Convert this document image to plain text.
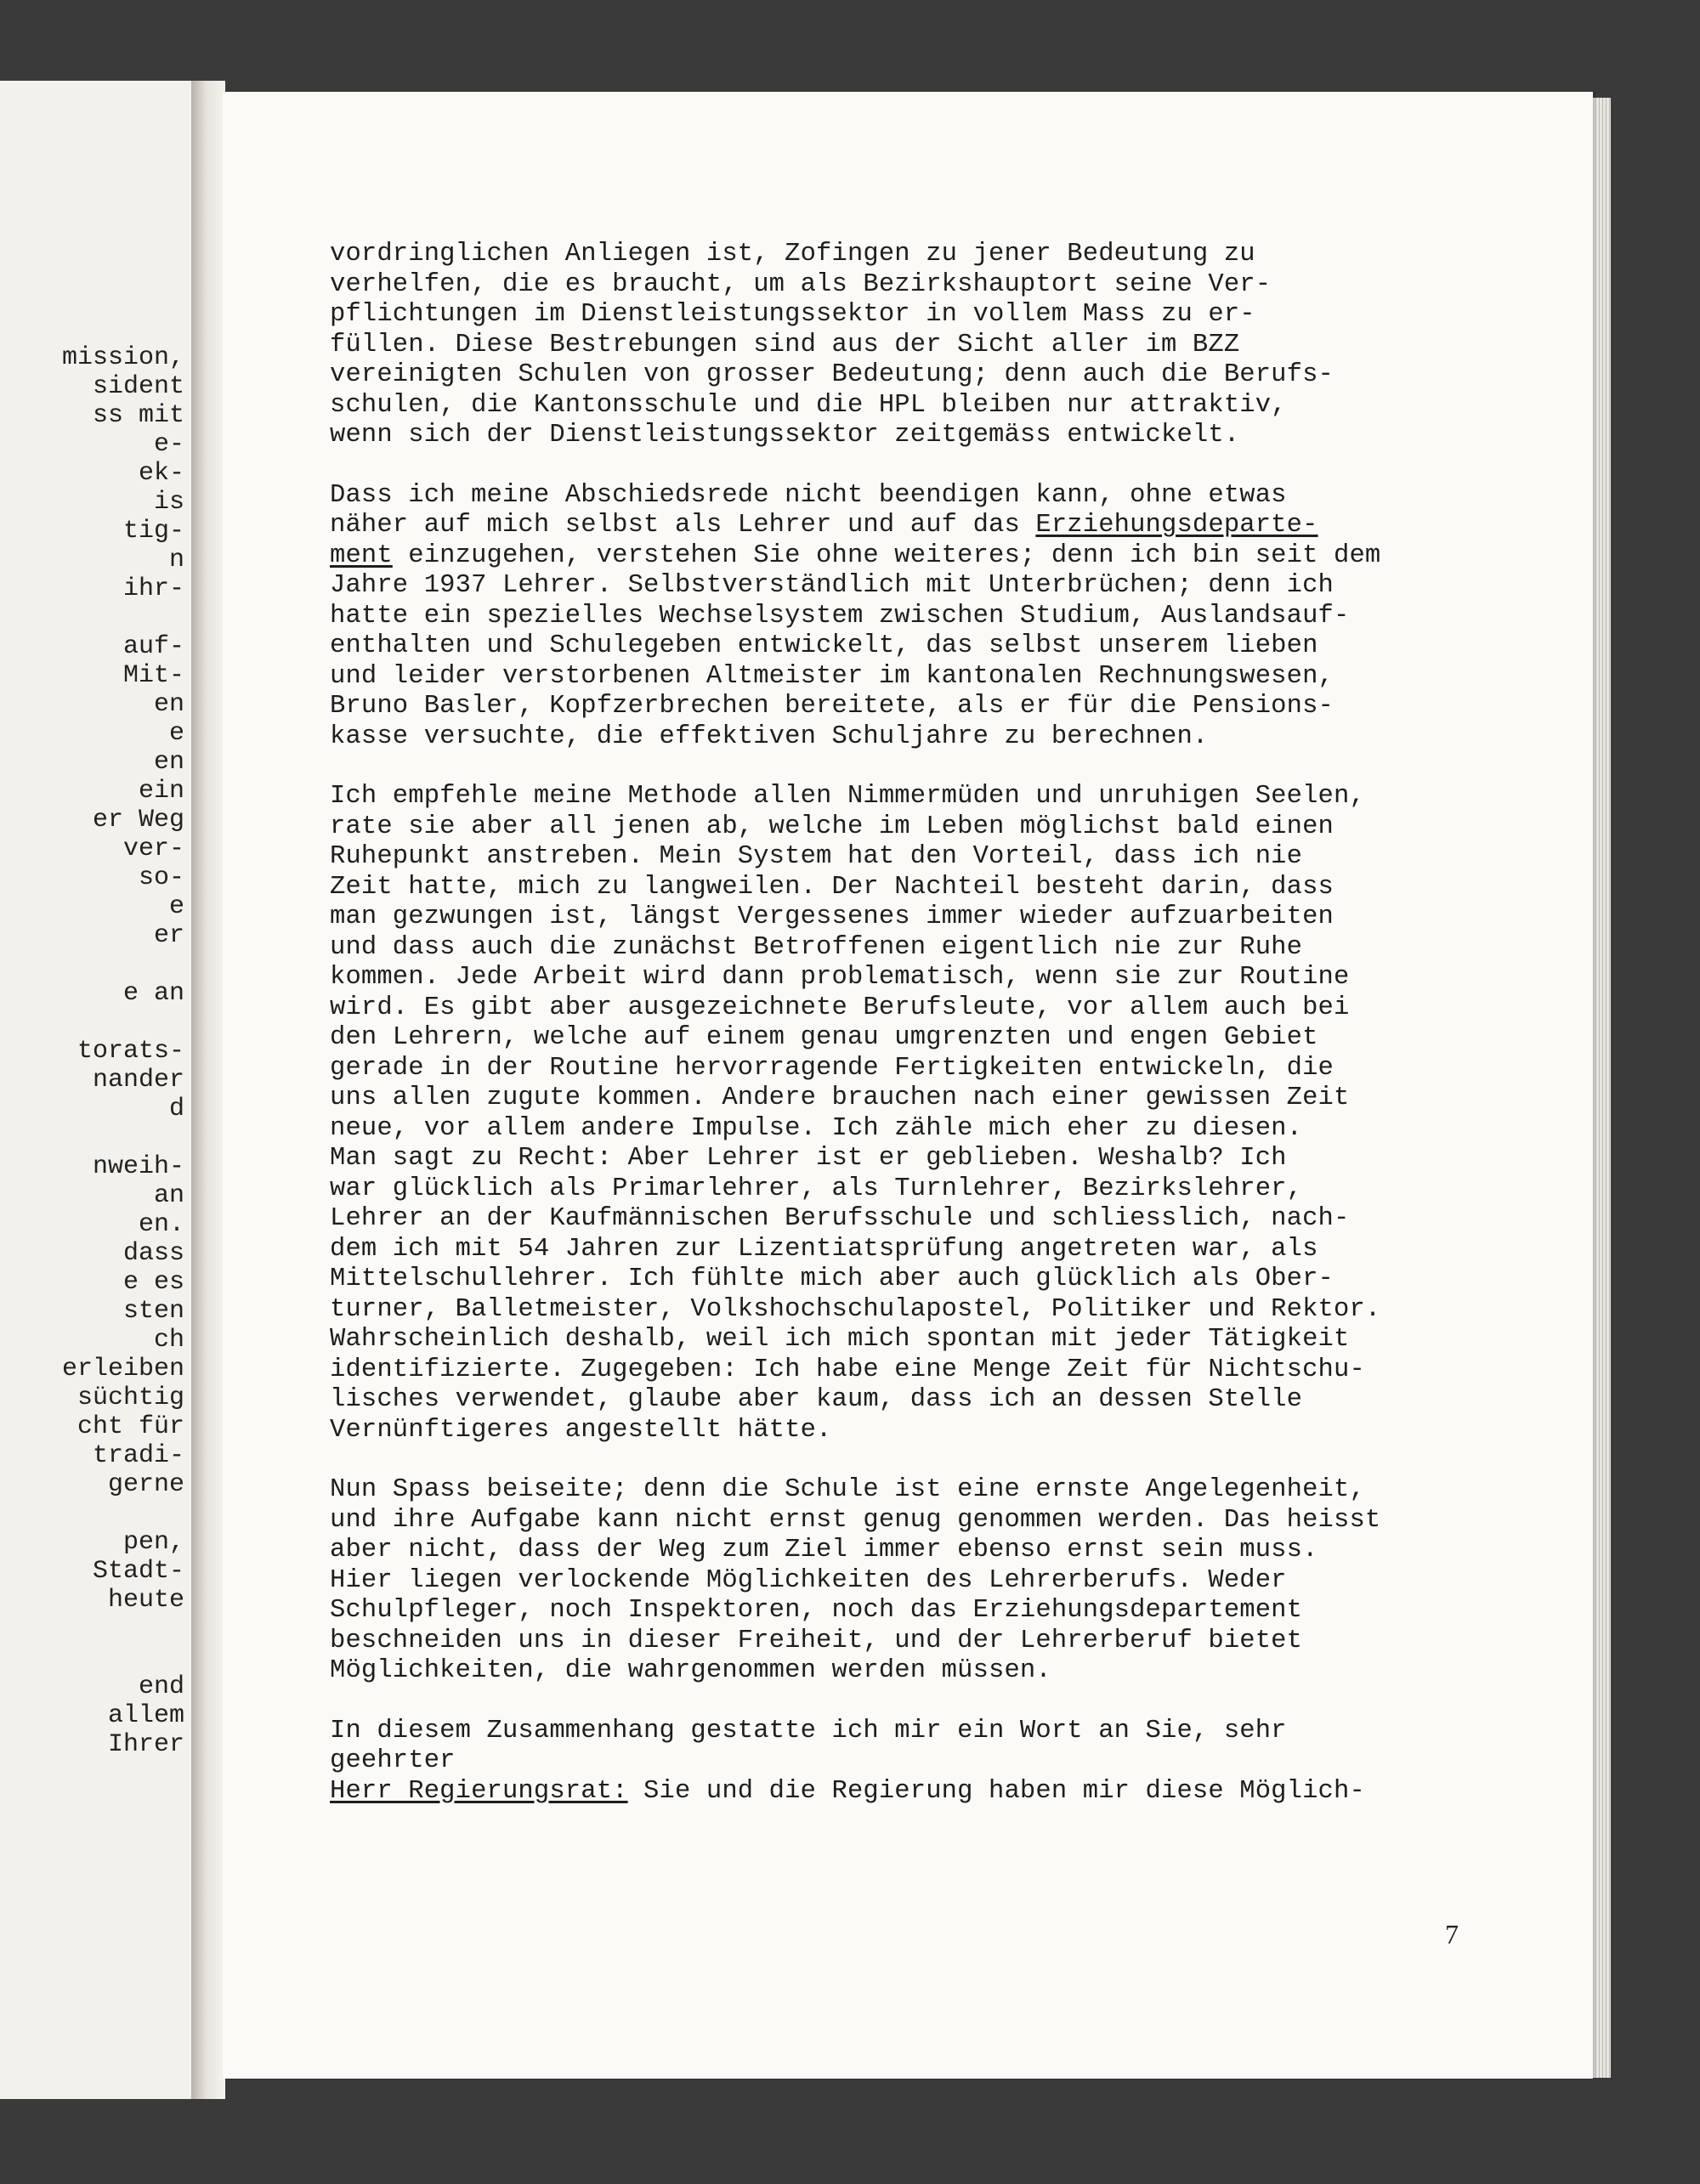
mission,
sident
ss mit
e-
ek-
is
tig-
n
ihr-
auf-
Mit-
en
e
en
ein
er Weg
ver-
so-
e
er
e an
torats-
nander
d
nweih-
an
en.
dass
e es
sten
ch
erleiben
süchtig
cht für
tradi-
gerne
pen,
Stadt-
heute
end
allem
Ihrer
vordringlichen Anliegen ist, Zofingen zu jener Bedeutung zu
verhelfen, die es braucht, um als Bezirkshauptort seine Ver-
pflichtungen im Dienstleistungssektor in vollem Mass zu er-
füllen. Diese Bestrebungen sind aus der Sicht aller im BZZ
vereinigten Schulen von grosser Bedeutung; denn auch die Berufs-
schulen, die Kantonsschule und die HPL bleiben nur attraktiv,
wenn sich der Dienstleistungssektor zeitgemäss entwickelt.
Dass ich meine Abschiedsrede nicht beendigen kann, ohne etwas
näher auf mich selbst als Lehrer und auf das Erziehungsdeparte-
ment einzugehen, verstehen Sie ohne weiteres; denn ich bin seit dem
Jahre 1937 Lehrer. Selbstverständlich mit Unterbrüchen; denn ich
hatte ein spezielles Wechselsystem zwischen Studium, Auslandsauf-
enthalten und Schulegeben entwickelt, das selbst unserem lieben
und leider verstorbenen Altmeister im kantonalen Rechnungswesen,
Bruno Basler, Kopfzerbrechen bereitete, als er für die Pensions-
kasse versuchte, die effektiven Schuljahre zu berechnen.
Ich empfehle meine Methode allen Nimmermüden und unruhigen Seelen,
rate sie aber all jenen ab, welche im Leben möglichst bald einen
Ruhepunkt anstreben. Mein System hat den Vorteil, dass ich nie
Zeit hatte, mich zu langweilen. Der Nachteil besteht darin, dass
man gezwungen ist, längst Vergessenes immer wieder aufzuarbeiten
und dass auch die zunächst Betroffenen eigentlich nie zur Ruhe
kommen. Jede Arbeit wird dann problematisch, wenn sie zur Routine
wird. Es gibt aber ausgezeichnete Berufsleute, vor allem auch bei
den Lehrern, welche auf einem genau umgrenzten und engen Gebiet
gerade in der Routine hervorragende Fertigkeiten entwickeln, die
uns allen zugute kommen. Andere brauchen nach einer gewissen Zeit
neue, vor allem andere Impulse. Ich zähle mich eher zu diesen.
Man sagt zu Recht: Aber Lehrer ist er geblieben. Weshalb? Ich
war glücklich als Primarlehrer, als Turnlehrer, Bezirkslehrer,
Lehrer an der Kaufmännischen Berufsschule und schliesslich, nach-
dem ich mit 54 Jahren zur Lizentiatsprüfung angetreten war, als
Mittelschullehrer. Ich fühlte mich aber auch glücklich als Ober-
turner, Balletmeister, Volkshochschulapostel, Politiker und Rektor.
Wahrscheinlich deshalb, weil ich mich spontan mit jeder Tätigkeit
identifizierte. Zugegeben: Ich habe eine Menge Zeit für Nichtschu-
lisches verwendet, glaube aber kaum, dass ich an dessen Stelle
Vernünftigeres angestellt hätte.
Nun Spass beiseite; denn die Schule ist eine ernste Angelegenheit,
und ihre Aufgabe kann nicht ernst genug genommen werden. Das heisst
aber nicht, dass der Weg zum Ziel immer ebenso ernst sein muss.
Hier liegen verlockende Möglichkeiten des Lehrerberufs. Weder
Schulpfleger, noch Inspektoren, noch das Erziehungsdepartement
beschneiden uns in dieser Freiheit, und der Lehrerberuf bietet
Möglichkeiten, die wahrgenommen werden müssen.
In diesem Zusammenhang gestatte ich mir ein Wort an Sie, sehr
geehrter
Herr Regierungsrat: Sie und die Regierung haben mir diese Möglich-
7
